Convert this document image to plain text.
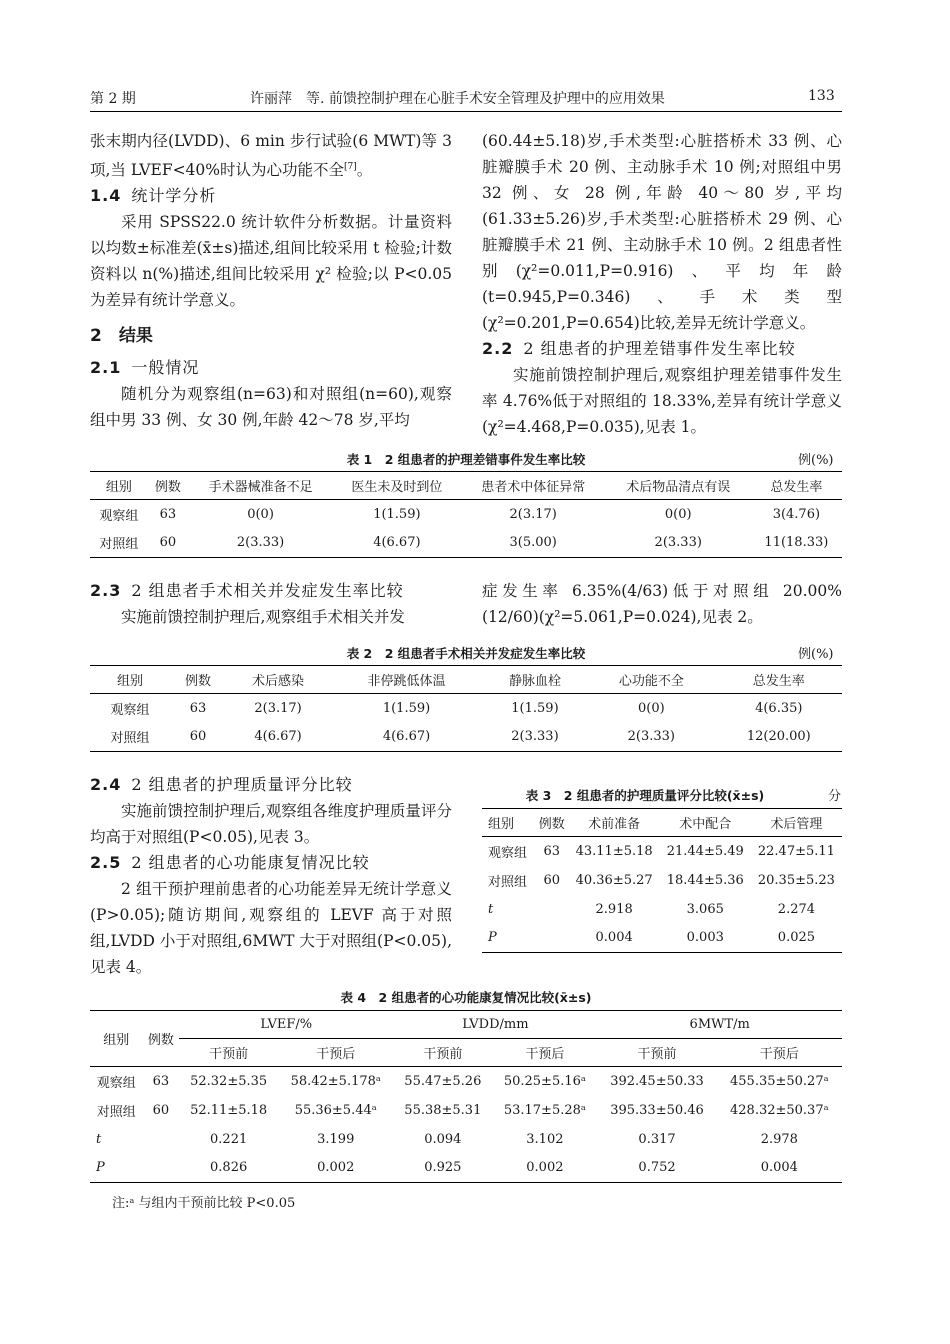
第 2 期	许丽萍　等. 前馈控制护理在心脏手术安全管理及护理中的应用效果	133

张末期内径(LVDD)、6 min 步行试验(6 MWT)等 3 项,当 LVEF<40%时认为心功能不全[7]。

1.4 统计学分析

采用 SPSS22.0 统计软件分析数据。计量资料以均数±标准差(x̄±s)描述,组间比较采用 t 检验;计数资料以 n(%)描述,组间比较采用 χ² 检验;以 P<0.05 为差异有统计学意义。

2　 结果

2.1 一般情况

随机分为观察组(n=63)和对照组(n=60),观察组中男 33 例、女 30 例,年龄 42～78 岁,平均

(60.44±5.18)岁,手术类型:心脏搭桥术 33 例、心脏瓣膜手术 20 例、主动脉手术 10 例;对照组中男 32 例、女 28 例,年龄 40～80 岁,平均(61.33±5.26)岁,手术类型:心脏搭桥术 29 例、心脏瓣膜手术 21 例、主动脉手术 10 例。2 组患者性别(χ²=0.011,P=0.916)、平均年龄(t=0.945,P=0.346)、手术类型(χ²=0.201,P=0.654)比较,差异无统计学意义。

2.2 2 组患者的护理差错事件发生率比较

实施前馈控制护理后,观察组护理差错事件发生率 4.76%低于对照组的 18.33%,差异有统计学意义(χ²=4.468,P=0.035),见表 1。

表 1　2 组患者的护理差错事件发生率比较	例(%)
组别	例数	手术器械准备不足	医生未及时到位	患者术中体征异常	术后物品清点有误	总发生率
观察组	63	0(0)	1(1.59)	2(3.17)	0(0)	3(4.76)
对照组	60	2(3.33)	4(6.67)	3(5.00)	2(3.33)	11(18.33)

2.3 2 组患者手术相关并发症发生率比较

实施前馈控制护理后,观察组手术相关并发

症发生率 6.35%(4/63)低于对照组 20.00%(12/60)(χ²=5.061,P=0.024),见表 2。

表 2　2 组患者手术相关并发症发生率比较	例(%)
组别	例数	术后感染	非停跳低体温	静脉血栓	心功能不全	总发生率
观察组	63	2(3.17)	1(1.59)	1(1.59)	0(0)	4(6.35)
对照组	60	4(6.67)	4(6.67)	2(3.33)	2(3.33)	12(20.00)

2.4 2 组患者的护理质量评分比较

实施前馈控制护理后,观察组各维度护理质量评分均高于对照组(P<0.05),见表 3。

2.5 2 组患者的心功能康复情况比较

2 组干预护理前患者的心功能差异无统计学意义(P>0.05);随访期间,观察组的 LEVF 高于对照组,LVDD 小于对照组,6MWT 大于对照组(P<0.05),见表 4。

表 3　2 组患者的护理质量评分比较(x̄±s)	分
组别	例数	术前准备	术中配合	术后管理
观察组	63	43.11±5.18	21.44±5.49	22.47±5.11
对照组	60	40.36±5.27	18.44±5.36	20.35±5.23
t		2.918	3.065	2.274
P		0.004	0.003	0.025
表 4　2 组患者的心功能康复情况比较(x̄±s)
组别	例数	LVEF/%		LVDD/mm		6MWT/m	
		干预前	干预后	干预前	干预后	干预前	干预后
观察组	63	52.32±5.35	58.42±5.178ᵃ	55.47±5.26	50.25±5.16ᵃ	392.45±50.33	455.35±50.27ᵃ
对照组	60	52.11±5.18	55.36±5.44ᵃ	55.38±5.31	53.17±5.28ᵃ	395.33±50.46	428.32±50.37ᵃ
t		0.221	3.199	0.094	3.102	0.317	2.978
P		0.826	0.002	0.925	0.002	0.752	0.004
注:ᵃ 与组内干预前比较 P<0.05
